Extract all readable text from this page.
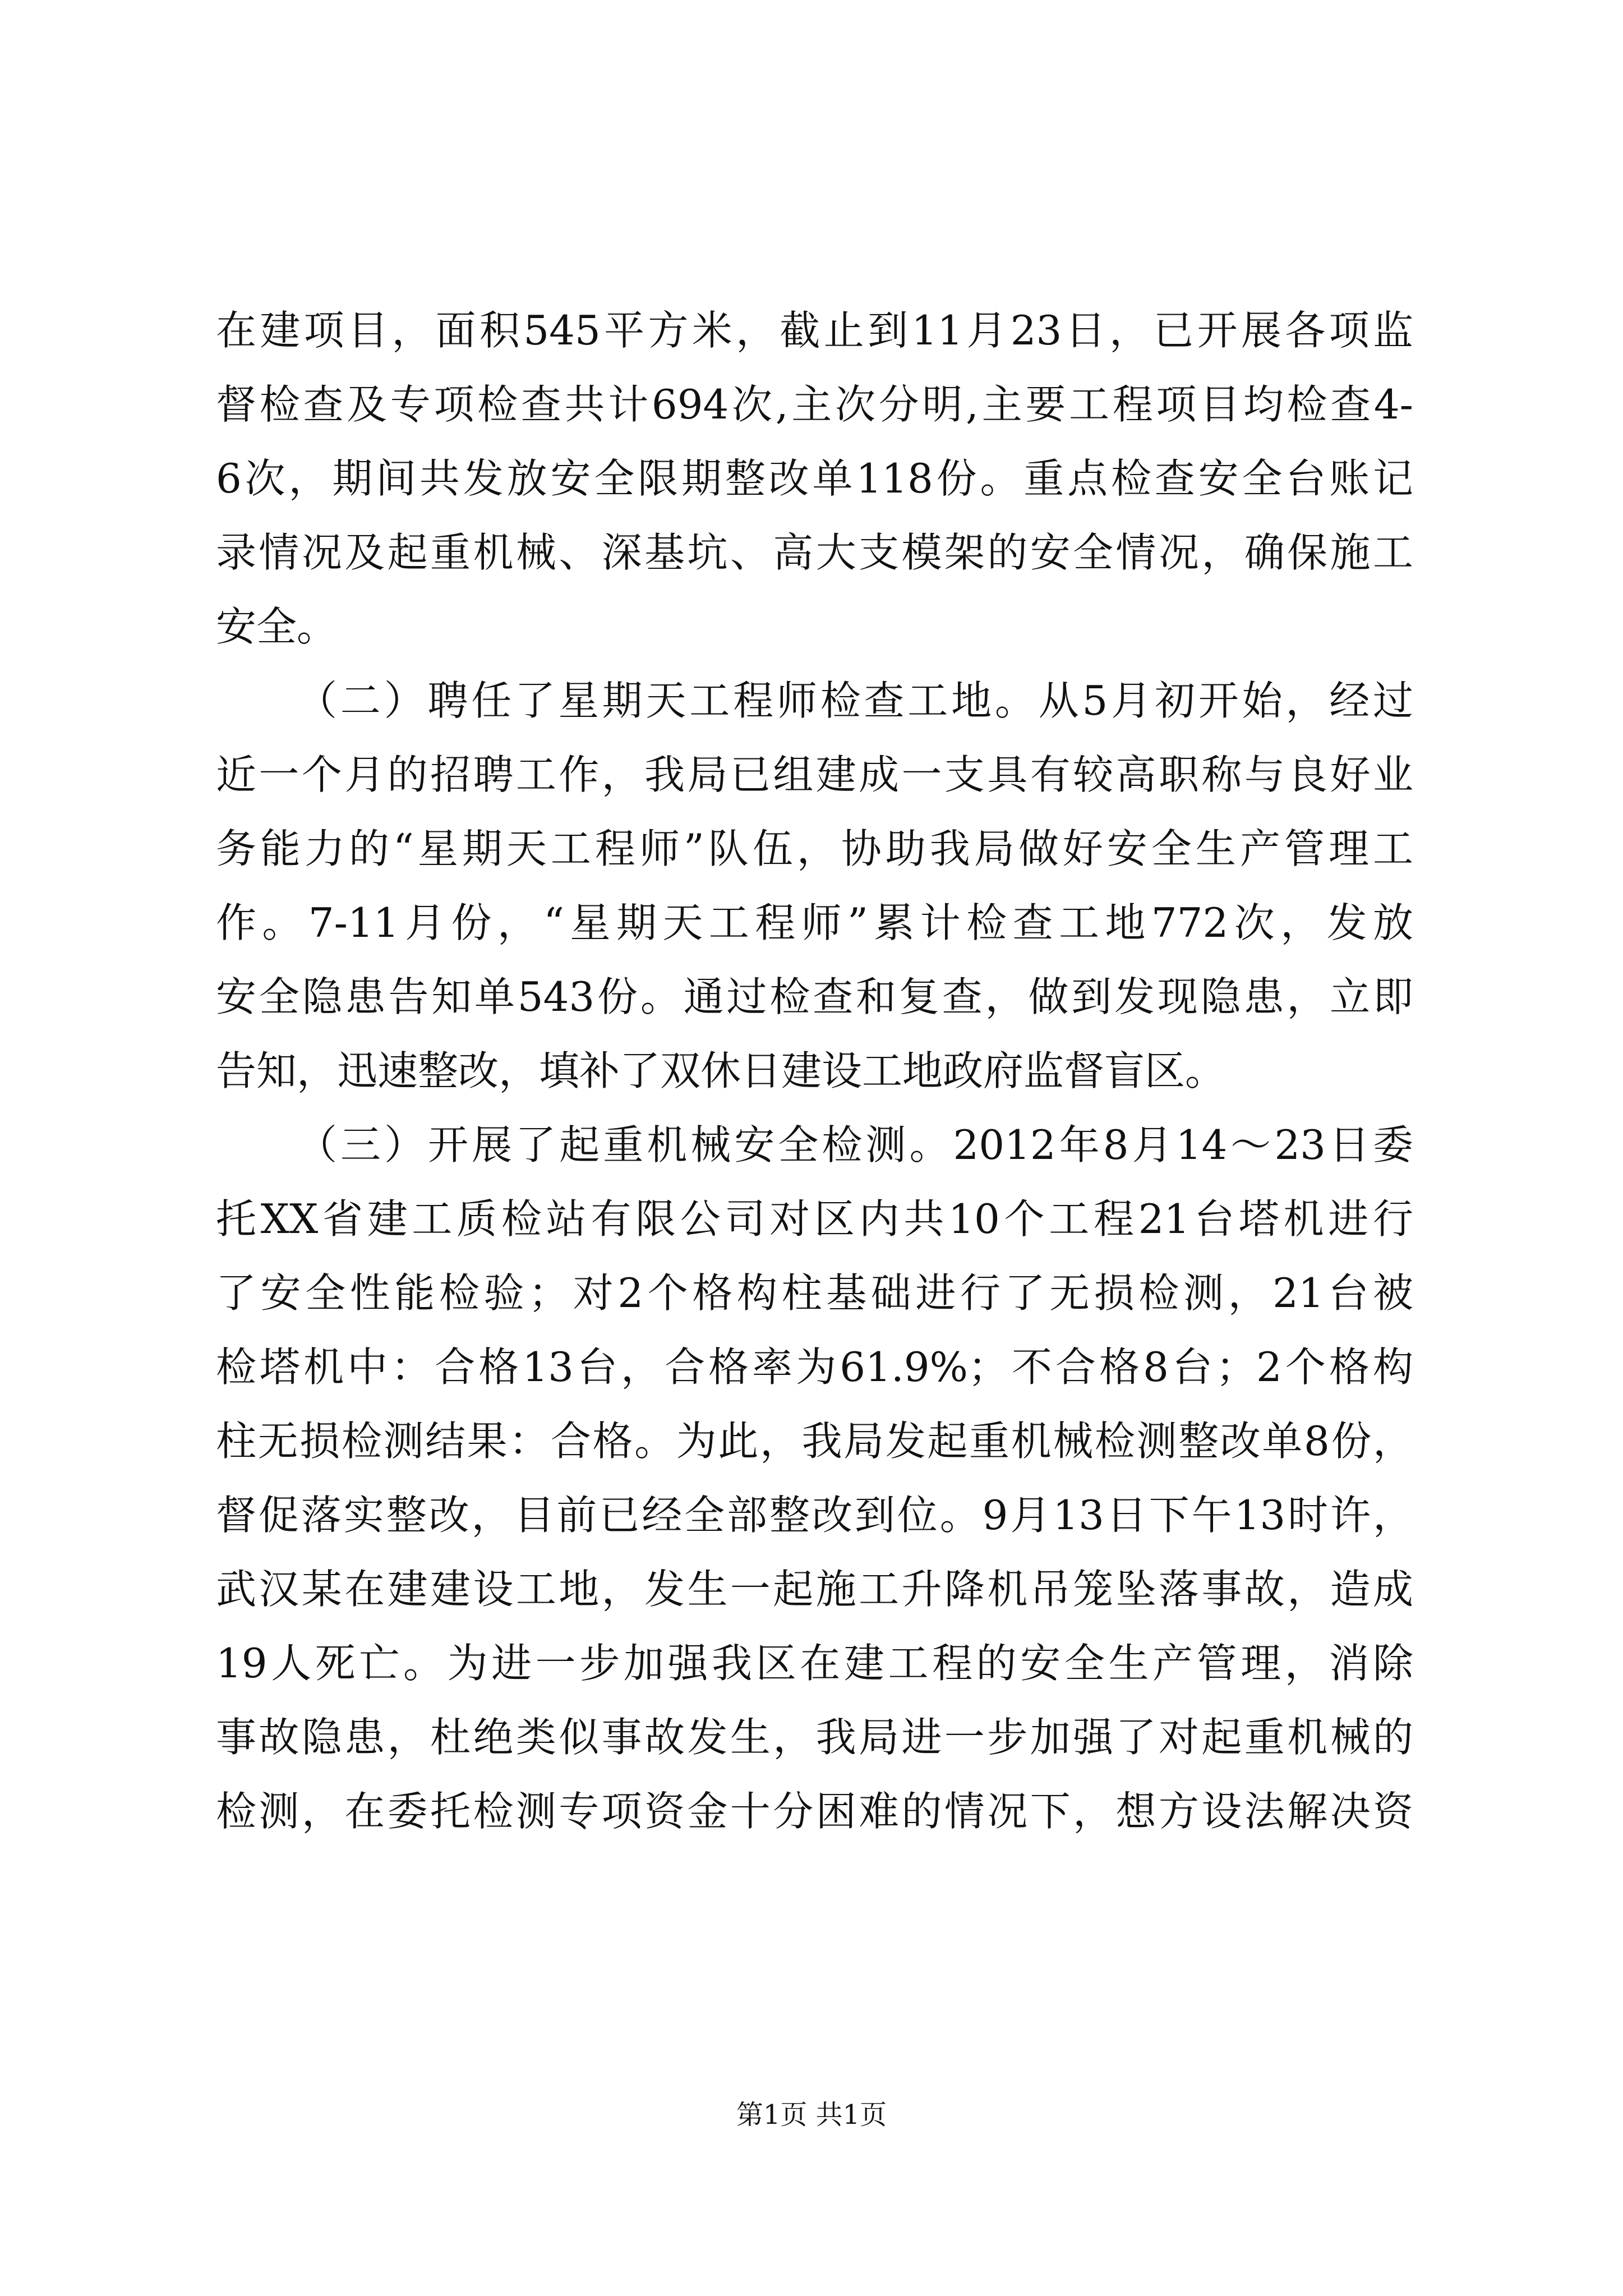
在建项目，面积545平方米，截止到11月23日，已开展各项监
督检查及专项检查共计694次,主次分明,主要工程项目均检查4-
6次，期间共发放安全限期整改单118份。重点检查安全台账记
录情况及起重机械、深基坑、高大支模架的安全情况，确保施工
安全。
（二）聘任了星期天工程师检查工地。从5月初开始，经过
近一个月的招聘工作，我局已组建成一支具有较高职称与良好业
务能力的“星期天工程师”队伍，协助我局做好安全生产管理工
作。7-11月份，“星期天工程师”累计检查工地772次，发放
安全隐患告知单543份。通过检查和复查，做到发现隐患，立即
告知，迅速整改，填补了双休日建设工地政府监督盲区。
（三）开展了起重机械安全检测。2012年8月14～23日委
托XX省建工质检站有限公司对区内共10个工程21台塔机进行
了安全性能检验；对2个格构柱基础进行了无损检测，21台被
检塔机中：合格13台，合格率为61.9%；不合格8台；2个格构
柱无损检测结果：合格。为此，我局发起重机械检测整改单8份，
督促落实整改，目前已经全部整改到位。9月13日下午13时许，
武汉某在建建设工地，发生一起施工升降机吊笼坠落事故，造成
19人死亡。为进一步加强我区在建工程的安全生产管理，消除
事故隐患，杜绝类似事故发生，我局进一步加强了对起重机械的
检测，在委托检测专项资金十分困难的情况下，想方设法解决资
第1页 共1页
